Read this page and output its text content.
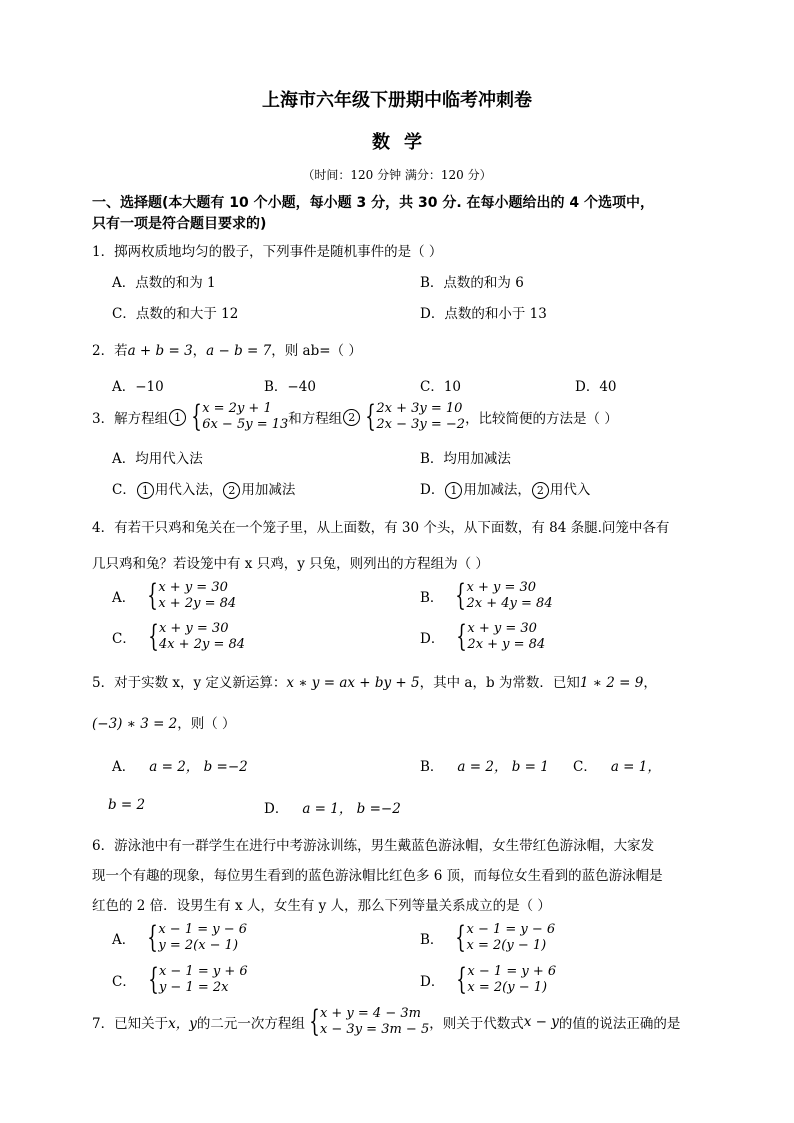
上海市六年级下册期中临考冲刺卷
数学
（时间：120 分钟 满分：120 分）
一、选择题(本大题有 10 个小题，每小题 3 分，共 30 分. 在每小题给出的 4 个选项中，
只有一项是符合题目要求的)
1．掷两枚质地均匀的骰子，下列事件是随机事件的是（ ）
A．点数的和为 1	B．点数的和为 6
C．点数的和大于 12	D．点数的和小于 13
2．若a + b = 3，a − b = 7，则 ab=（ ）
A．−10	B．−40	C．10	D．40
3．解方程组 1 { x = 2y + 1
6x − 5y = 13 和方程组 2 { 2x + 3y = 10
2x − 3y = −2 ，比较简便的方法是（ ）
A．均用代入法	B．均用加减法
C． 1 用代入法， 2 用加减法	D． 1 用加减法， 2 用代入
4．有若干只鸡和兔关在一个笼子里，从上面数，有 30 个头，从下面数，有 84 条腿.问笼中各有
几只鸡和兔？若设笼中有 x 只鸡，y 只兔，则列出的方程组为（ ）
A． { x + y = 30
x + 2y = 84	B． { x + y = 30
2x + 4y = 84
C． { x + y = 30
4x + 2y = 84	D． { x + y = 30
2x + y = 84
5．对于实数 x，y 定义新运算：x ∗ y = ax + by + 5，其中 a，b 为常数．已知1 ∗ 2 = 9，
(−3) ∗ 3 = 2，则（ ）
A． a = 2， b =−2	B． a = 2， b = 1 C． a = 1，
b = 2	D． a = 1， b =−2
6．游泳池中有一群学生在进行中考游泳训练，男生戴蓝色游泳帽，女生带红色游泳帽，大家发
现一个有趣的现象，每位男生看到的蓝色游泳帽比红色多 6 顶，而每位女生看到的蓝色游泳帽是
红色的 2 倍．设男生有 x 人，女生有 y 人，那么下列等量关系成立的是（ ）
A． { x − 1 = y − 6
y = 2(x − 1)	B． { x − 1 = y − 6
x = 2(y − 1)
C． { x − 1 = y + 6
y − 1 = 2x	D． { x − 1 = y + 6
x = 2(y − 1)
7．已知关于 x，y 的二元一次方程组 { x + y = 4 − 3m
x − 3y = 3m − 5 ，则关于代数式 x − y 的值的说法正确的是
